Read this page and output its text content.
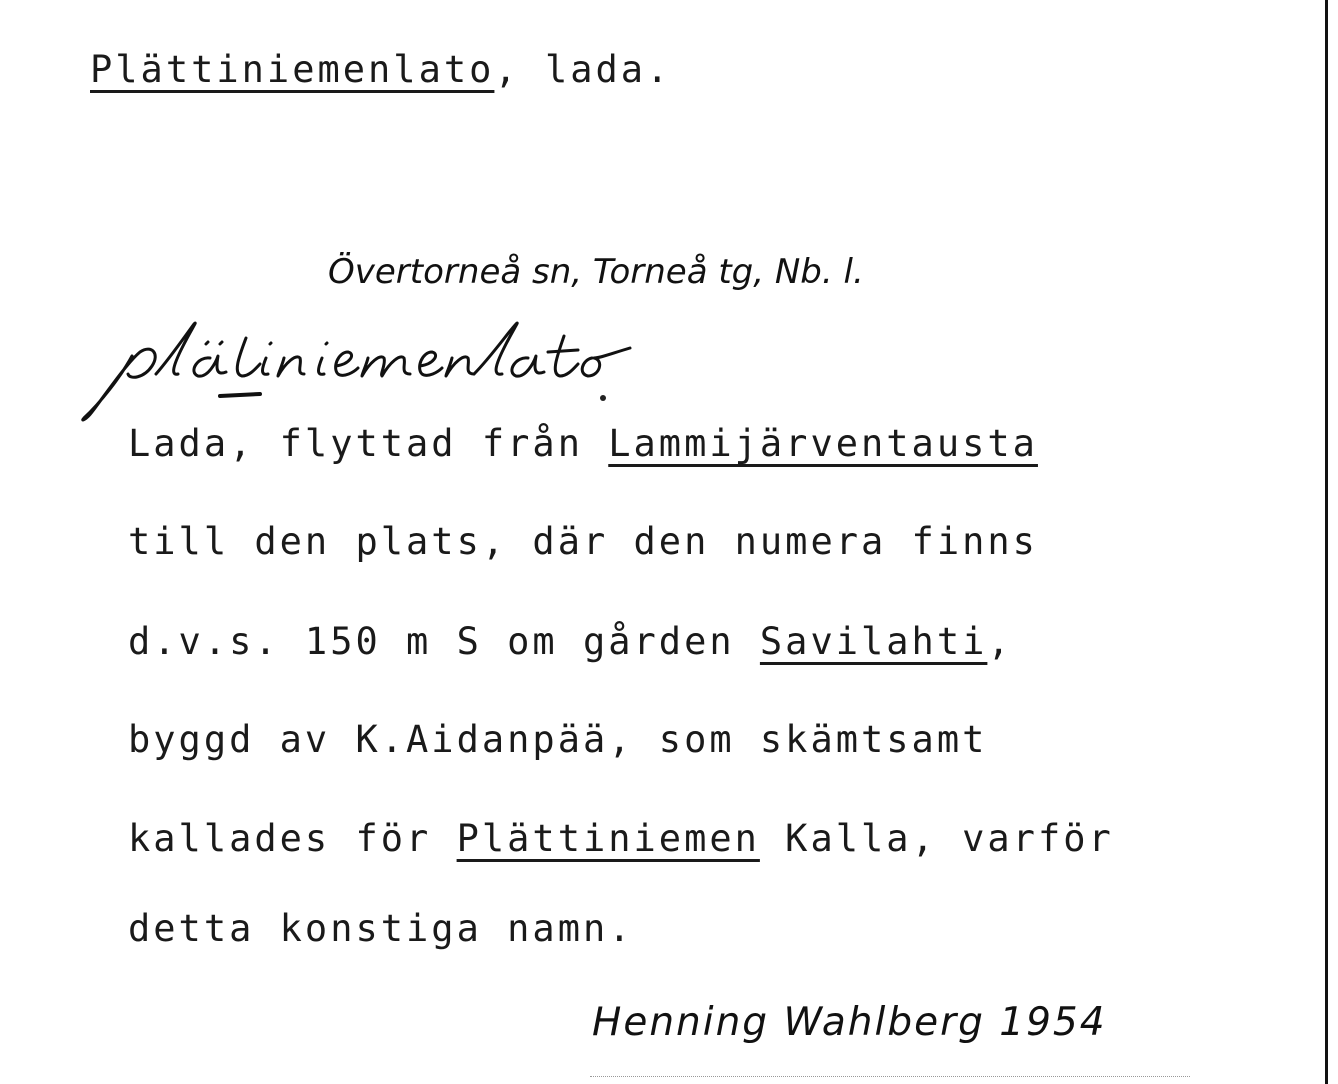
Plättiniemenlato, lada.
Övertorneå sn, Torneå tg, Nb. l.
Lada, flyttad från Lammijärventausta
till den plats, där den numera finns
d.v.s. 150 m S om gården Savilahti,
byggd av K.Aidanpää, som skämtsamt
kallades för Plättiniemen Kalla, varför
detta konstiga namn.
Henning Wahlberg 1954
